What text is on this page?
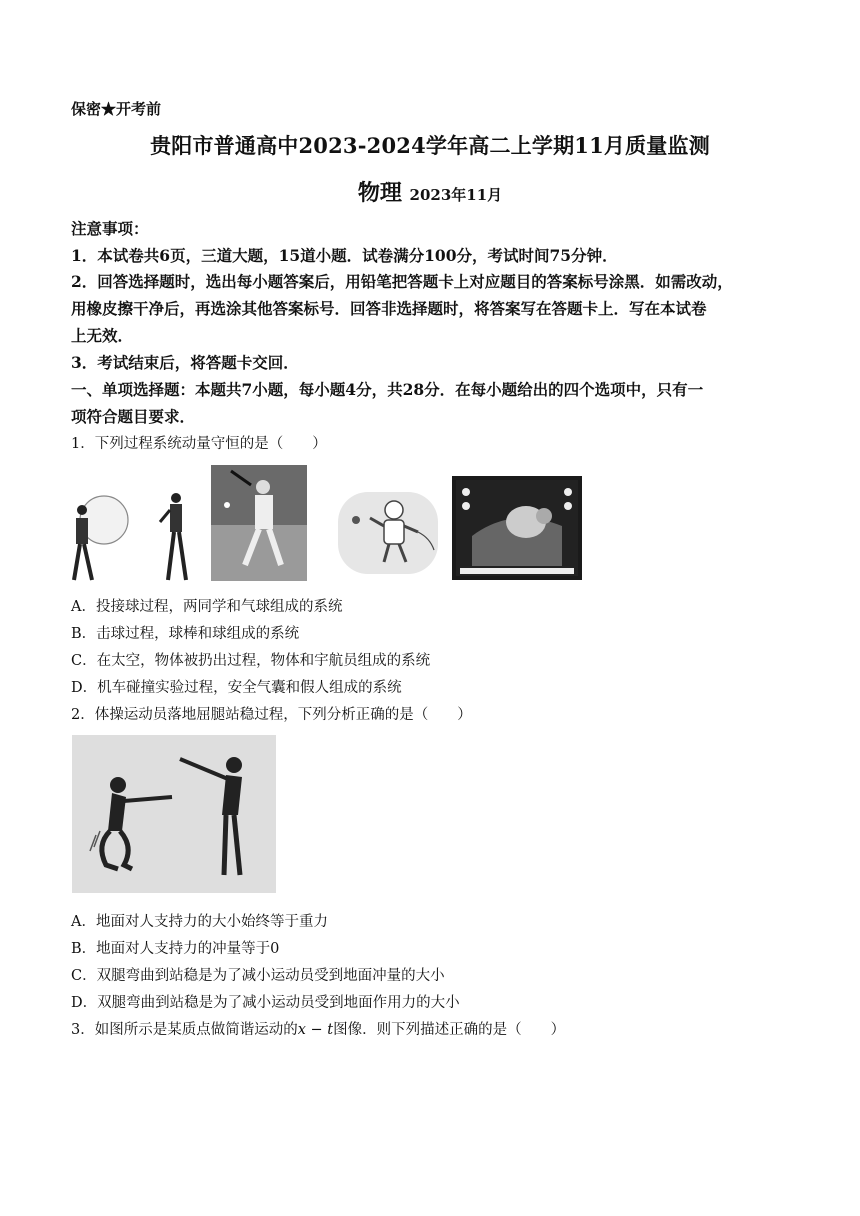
保密★开考前
贵阳市普通高中2023-2024学年高二上学期11月质量监测
物理 2023年11月
注意事项：
1．本试卷共6页，三道大题，15道小题．试卷满分100分，考试时间75分钟．
2．回答选择题时，选出每小题答案后，用铅笔把答题卡上对应题目的答案标号涂黑．如需改动，
用橡皮擦干净后，再选涂其他答案标号．回答非选择题时，将答案写在答题卡上．写在本试卷
上无效．
3．考试结束后，将答题卡交回．
一、单项选择题：本题共7小题，每小题4分，共28分．在每小题给出的四个选项中，只有一
项符合题目要求．
1．下列过程系统动量守恒的是（　　）
A．投接球过程，两同学和气球组成的系统
B．击球过程，球棒和球组成的系统
C．在太空，物体被扔出过程，物体和宇航员组成的系统
D．机车碰撞实验过程，安全气囊和假人组成的系统
2．体操运动员落地屈腿站稳过程，下列分析正确的是（　　）
A．地面对人支持力的大小始终等于重力
B．地面对人支持力的冲量等于0
C．双腿弯曲到站稳是为了减小运动员受到地面冲量的大小
D．双腿弯曲到站稳是为了减小运动员受到地面作用力的大小
3．如图所示是某质点做简谐运动的x − t图像．则下列描述正确的是（　　）
